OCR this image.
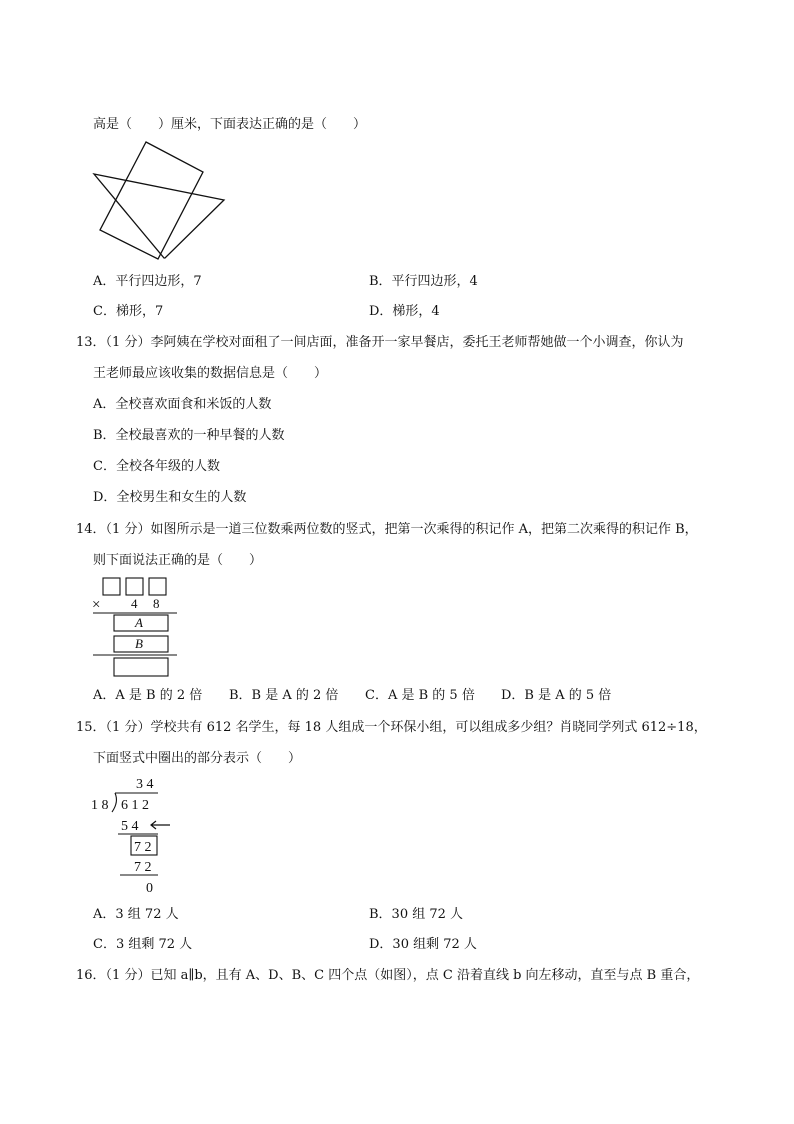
高是（　　）厘米，下面表达正确的是（　　）
A．平行四边形，7	B．平行四边形，4
C．梯形，7	D．梯形，4
13．（1 分）李阿姨在学校对面租了一间店面，准备开一家早餐店，委托王老师帮她做一个小调查，你认为
王老师最应该收集的数据信息是（　　）
A．全校喜欢面食和米饭的人数
B．全校最喜欢的一种早餐的人数
C．全校各年级的人数
D．全校男生和女生的人数
14．（1 分）如图所示是一道三位数乘两位数的竖式，把第一次乘得的积记作 A，把第二次乘得的积记作 B，
则下面说法正确的是（　　）
× 4 8
A
B
A．A 是 B 的 2 倍 B．B 是 A 的 2 倍 C．A 是 B 的 5 倍 D．B 是 A 的 5 倍
15．（1 分）学校共有 612 名学生，每 18 人组成一个环保小组，可以组成多少组？肖晓同学列式 612÷18，
下面竖式中圈出的部分表示（　　）
3 4
1 8 6 1 2
5 4
7 2
7 2
0
A．3 组 72 人	B．30 组 72 人
C．3 组剩 72 人	D．30 组剩 72 人
16．（1 分）已知 a∥b，且有 A、D、B、C 四个点（如图），点 C 沿着直线 b 向左移动，直至与点 B 重合，
